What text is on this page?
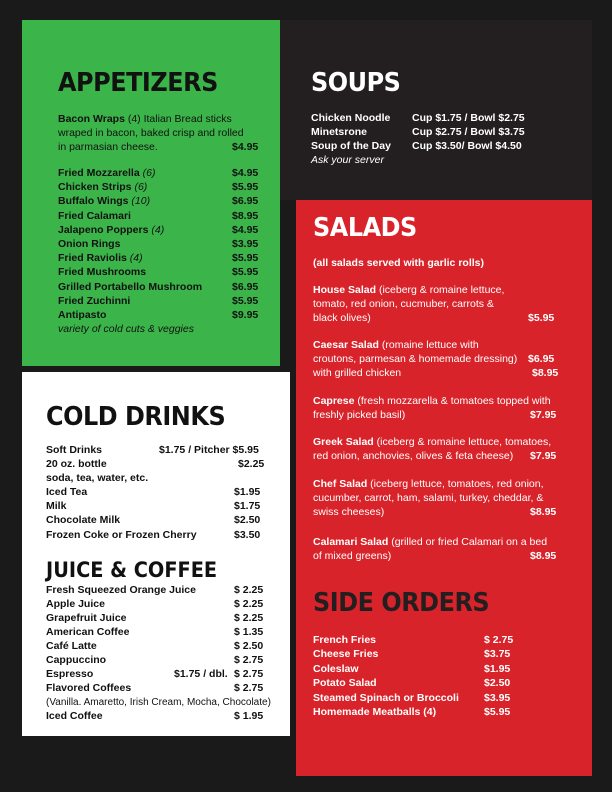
APPETIZERS
Bacon Wraps (4) Italian Bread sticks
wraped in bacon, baked crisp and rolled
in parmasian cheese.	$4.95
Fried Mozzarella (6)	$4.95
Chicken Strips (6)	$5.95
Buffalo Wings (10)	$6.95
Fried Calamari	$8.95
Jalapeno Poppers (4)	$4.95
Onion Rings	$3.95
Fried Raviolis (4)	$5.95
Fried Mushrooms	$5.95
Grilled Portabello Mushroom	$6.95
Fried Zuchinni	$5.95
Antipasto	$9.95
variety of cold cuts & veggies
SOUPS
Chicken Noodle Cup $1.75 / Bowl $2.75
Minetsrone	Cup $2.75 / Bowl $3.75
Soup of the Day Cup $3.50/ Bowl $4.50
Ask your server
SALADS
(all salads served with garlic rolls)
House Salad (iceberg & romaine lettuce,
tomato, red onion, cucmuber, carrots &
black olives)	$5.95
Caesar Salad (romaine lettuce with
croutons, parmesan & homemade dressing) $6.95
with grilled chicken	$8.95
Caprese (fresh mozzarella & tomatoes topped with
freshly picked basil)	$7.95
Greek Salad (iceberg & romaine lettuce, tomatoes,
red onion, anchovies, olives & feta cheese) $7.95
Chef Salad (iceberg lettuce, tomatoes, red onion,
cucumber, carrot, ham, salami, turkey, cheddar, &
swiss cheeses)	$8.95
Calamari Salad (grilled or fried Calamari on a bed
of mixed greens)	$8.95
SIDE ORDERS
French Fries	$ 2.75
Cheese Fries	$3.75
Coleslaw	$1.95
Potato Salad	$2.50
Steamed Spinach or Broccoli $3.95
Homemade Meatballs (4)	$5.95
COLD DRINKS
Soft Drinks	$1.75 / Pitcher $5.95
20 oz. bottle	$2.25
soda, tea, water, etc.
Iced Tea	$1.95
Milk	$1.75
Chocolate Milk	$2.50
Frozen Coke or Frozen Cherry	$3.50
JUICE & COFFEE
Fresh Squeezed Orange Juice	$ 2.25
Apple Juice	$ 2.25
Grapefruit Juice	$ 2.25
American Coffee	$ 1.35
Café Latte	$ 2.50
Cappuccino	$ 2.75
Espresso	$1.75 / dbl. $ 2.75
Flavored Coffees	$ 2.75
(Vanilla. Amaretto, Irish Cream, Mocha, Chocolate)
Iced Coffee	$ 1.95
